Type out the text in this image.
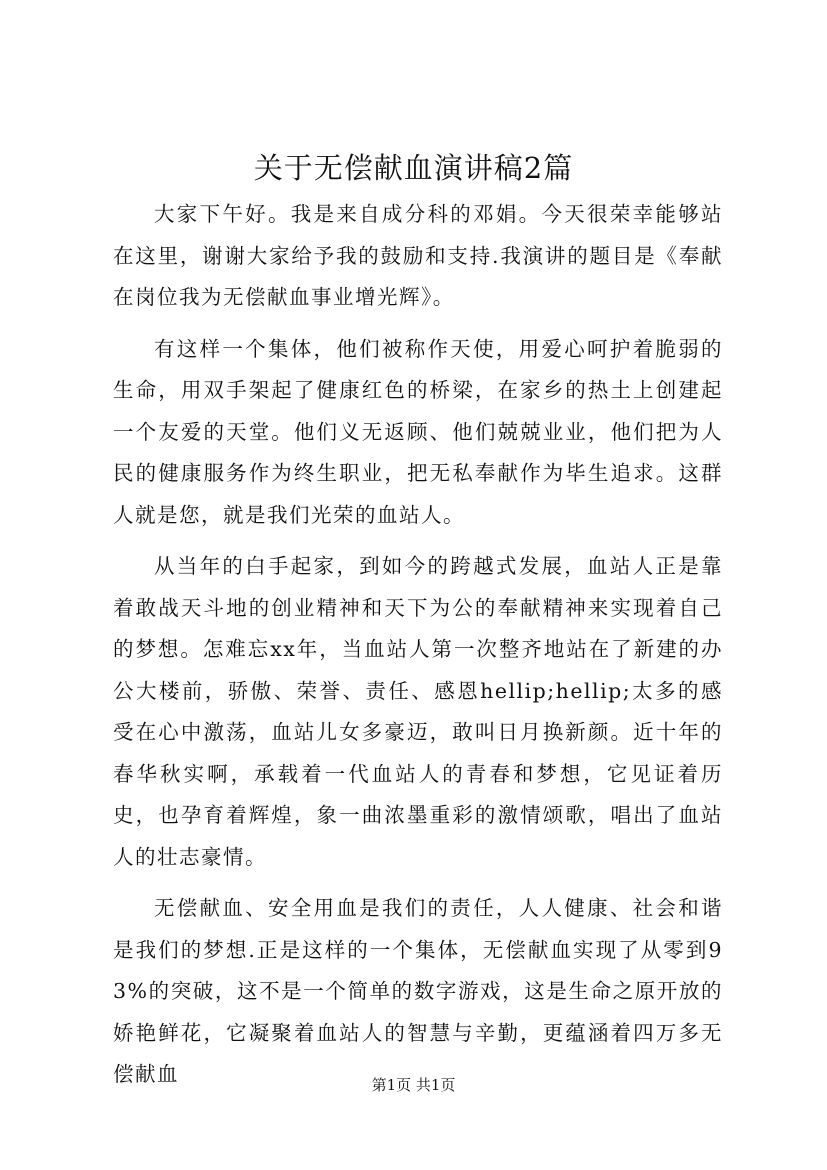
关于无偿献血演讲稿2篇

大家下午好。我是来自成分科的邓娟。今天很荣幸能够站在这里，谢谢大家给予我的鼓励和支持.我演讲的题目是《奉献在岗位我为无偿献血事业增光辉》。

有这样一个集体，他们被称作天使，用爱心呵护着脆弱的生命，用双手架起了健康红色的桥梁，在家乡的热土上创建起一个友爱的天堂。他们义无返顾、他们兢兢业业，他们把为人民的健康服务作为终生职业，把无私奉献作为毕生追求。这群人就是您，就是我们光荣的血站人。

从当年的白手起家，到如今的跨越式发展，血站人正是靠着敢战天斗地的创业精神和天下为公的奉献精神来实现着自己的梦想。怎难忘xx年，当血站人第一次整齐地站在了新建的办公大楼前，骄傲、荣誉、责任、感恩hellip;hellip;太多的感受在心中激荡，血站儿女多豪迈，敢叫日月换新颜。近十年的春华秋实啊，承载着一代血站人的青春和梦想，它见证着历史，也孕育着辉煌，象一曲浓墨重彩的激情颂歌，唱出了血站人的壮志豪情。

无偿献血、安全用血是我们的责任，人人健康、社会和谐是我们的梦想.正是这样的一个集体，无偿献血实现了从零到93%的突破，这不是一个简单的数字游戏，这是生命之原开放的娇艳鲜花，它凝聚着血站人的智慧与辛勤，更蕴涵着四万多无偿献血	第1页 共1页
